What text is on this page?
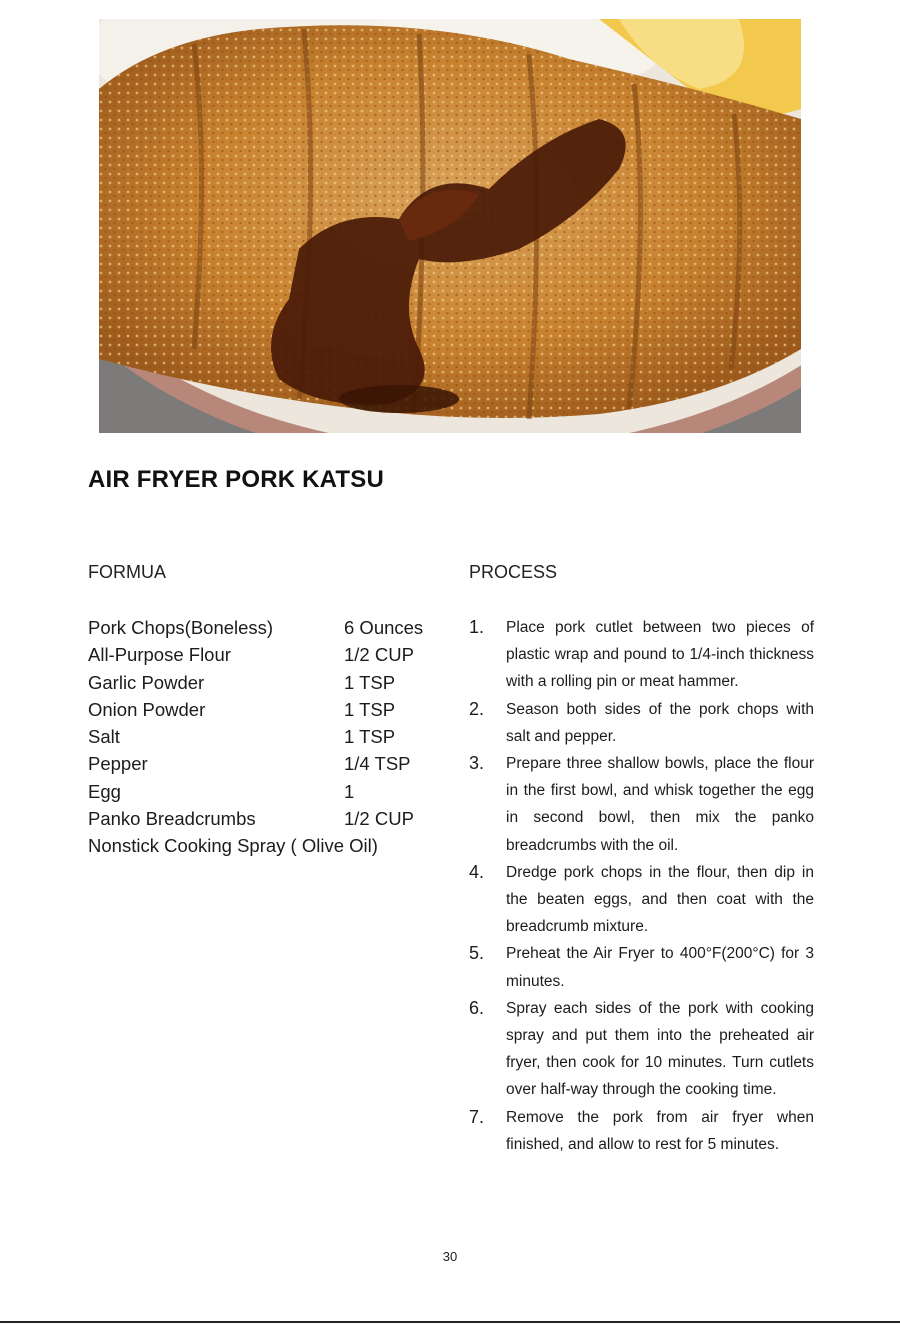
AIR FRYER PORK KATSU
FORMUA	PROCESS
Pork Chops(Boneless)	6 Ounces
All-Purpose Flour	1/2 CUP
Garlic Powder	1 TSP
Onion Powder	1 TSP
Salt	1 TSP
Pepper	1/4 TSP
Egg	1
Panko Breadcrumbs	1/2 CUP
Nonstick Cooking Spray ( Olive Oil)
1. Place pork cutlet between two pieces of plastic wrap and pound to 1/4-inch thickness with a rolling pin or meat hammer.
2. Season both sides of the pork chops with salt and pepper.
3. Prepare three shallow bowls, place the flour in the first bowl, and whisk together the egg in second bowl, then mix the panko breadcrumbs with the oil.
4. Dredge pork chops in the flour, then dip in the beaten eggs, and then coat with the breadcrumb mixture.
5. Preheat the Air Fryer to 400°F(200°C) for 3 minutes.
6. Spray each sides of the pork with cooking spray and put them into the preheated air fryer, then cook for 10 minutes. Turn cutlets over half-way through the cooking time.
7. Remove the pork from air fryer when finished, and allow to rest for 5 minutes.
30
